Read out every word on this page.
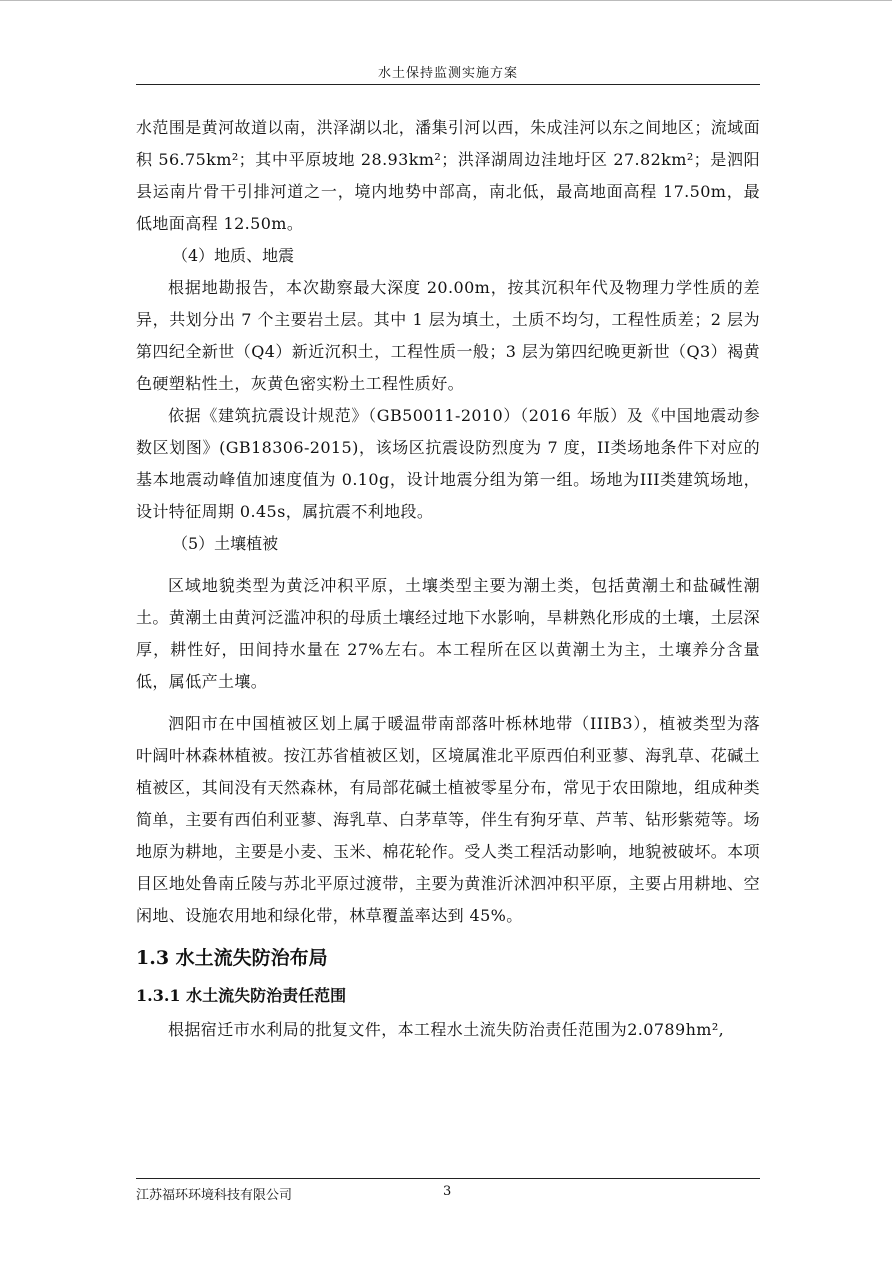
水土保持监测实施方案

水范围是黄河故道以南，洪泽湖以北，潘集引河以西，朱成洼河以东之间地区；流域面积 56.75km²；其中平原坡地 28.93km²；洪泽湖周边洼地圩区 27.82km²；是泗阳县运南片骨干引排河道之一，境内地势中部高，南北低，最高地面高程 17.50m，最低地面高程 12.50m。

（4）地质、地震

根据地勘报告，本次勘察最大深度 20.00m，按其沉积年代及物理力学性质的差异，共划分出 7 个主要岩土层。其中 1 层为填土，土质不均匀，工程性质差；2 层为第四纪全新世（Q4）新近沉积土，工程性质一般；3 层为第四纪晚更新世（Q3）褐黄色硬塑粘性土，灰黄色密实粉土工程性质好。

依据《建筑抗震设计规范》（GB50011-2010）（2016 年版）及《中国地震动参数区划图》(GB18306-2015)，该场区抗震设防烈度为 7 度，II类场地条件下对应的基本地震动峰值加速度值为 0.10g，设计地震分组为第一组。场地为III类建筑场地，设计特征周期 0.45s，属抗震不利地段。

（5）土壤植被

区域地貌类型为黄泛冲积平原，土壤类型主要为潮土类，包括黄潮土和盐碱性潮土。黄潮土由黄河泛滥冲积的母质土壤经过地下水影响，旱耕熟化形成的土壤，土层深厚，耕性好，田间持水量在 27%左右。本工程所在区以黄潮土为主，土壤养分含量低，属低产土壤。

泗阳市在中国植被区划上属于暖温带南部落叶栎林地带（IIIB3），植被类型为落叶阔叶林森林植被。按江苏省植被区划，区境属淮北平原西伯利亚蓼、海乳草、花碱土植被区，其间没有天然森林，有局部花碱土植被零星分布，常见于农田隙地，组成种类简单，主要有西伯利亚蓼、海乳草、白茅草等，伴生有狗牙草、芦苇、钻形紫菀等。场地原为耕地，主要是小麦、玉米、棉花轮作。受人类工程活动影响，地貌被破坏。本项目区地处鲁南丘陵与苏北平原过渡带，主要为黄淮沂沭泗冲积平原，主要占用耕地、空闲地、设施农用地和绿化带，林草覆盖率达到 45%。

1.3 水土流失防治布局
1.3.1 水土流失防治责任范围

根据宿迁市水利局的批复文件，本工程水土流失防治责任范围为2.0789hm²,

江苏福环环境科技有限公司	3
